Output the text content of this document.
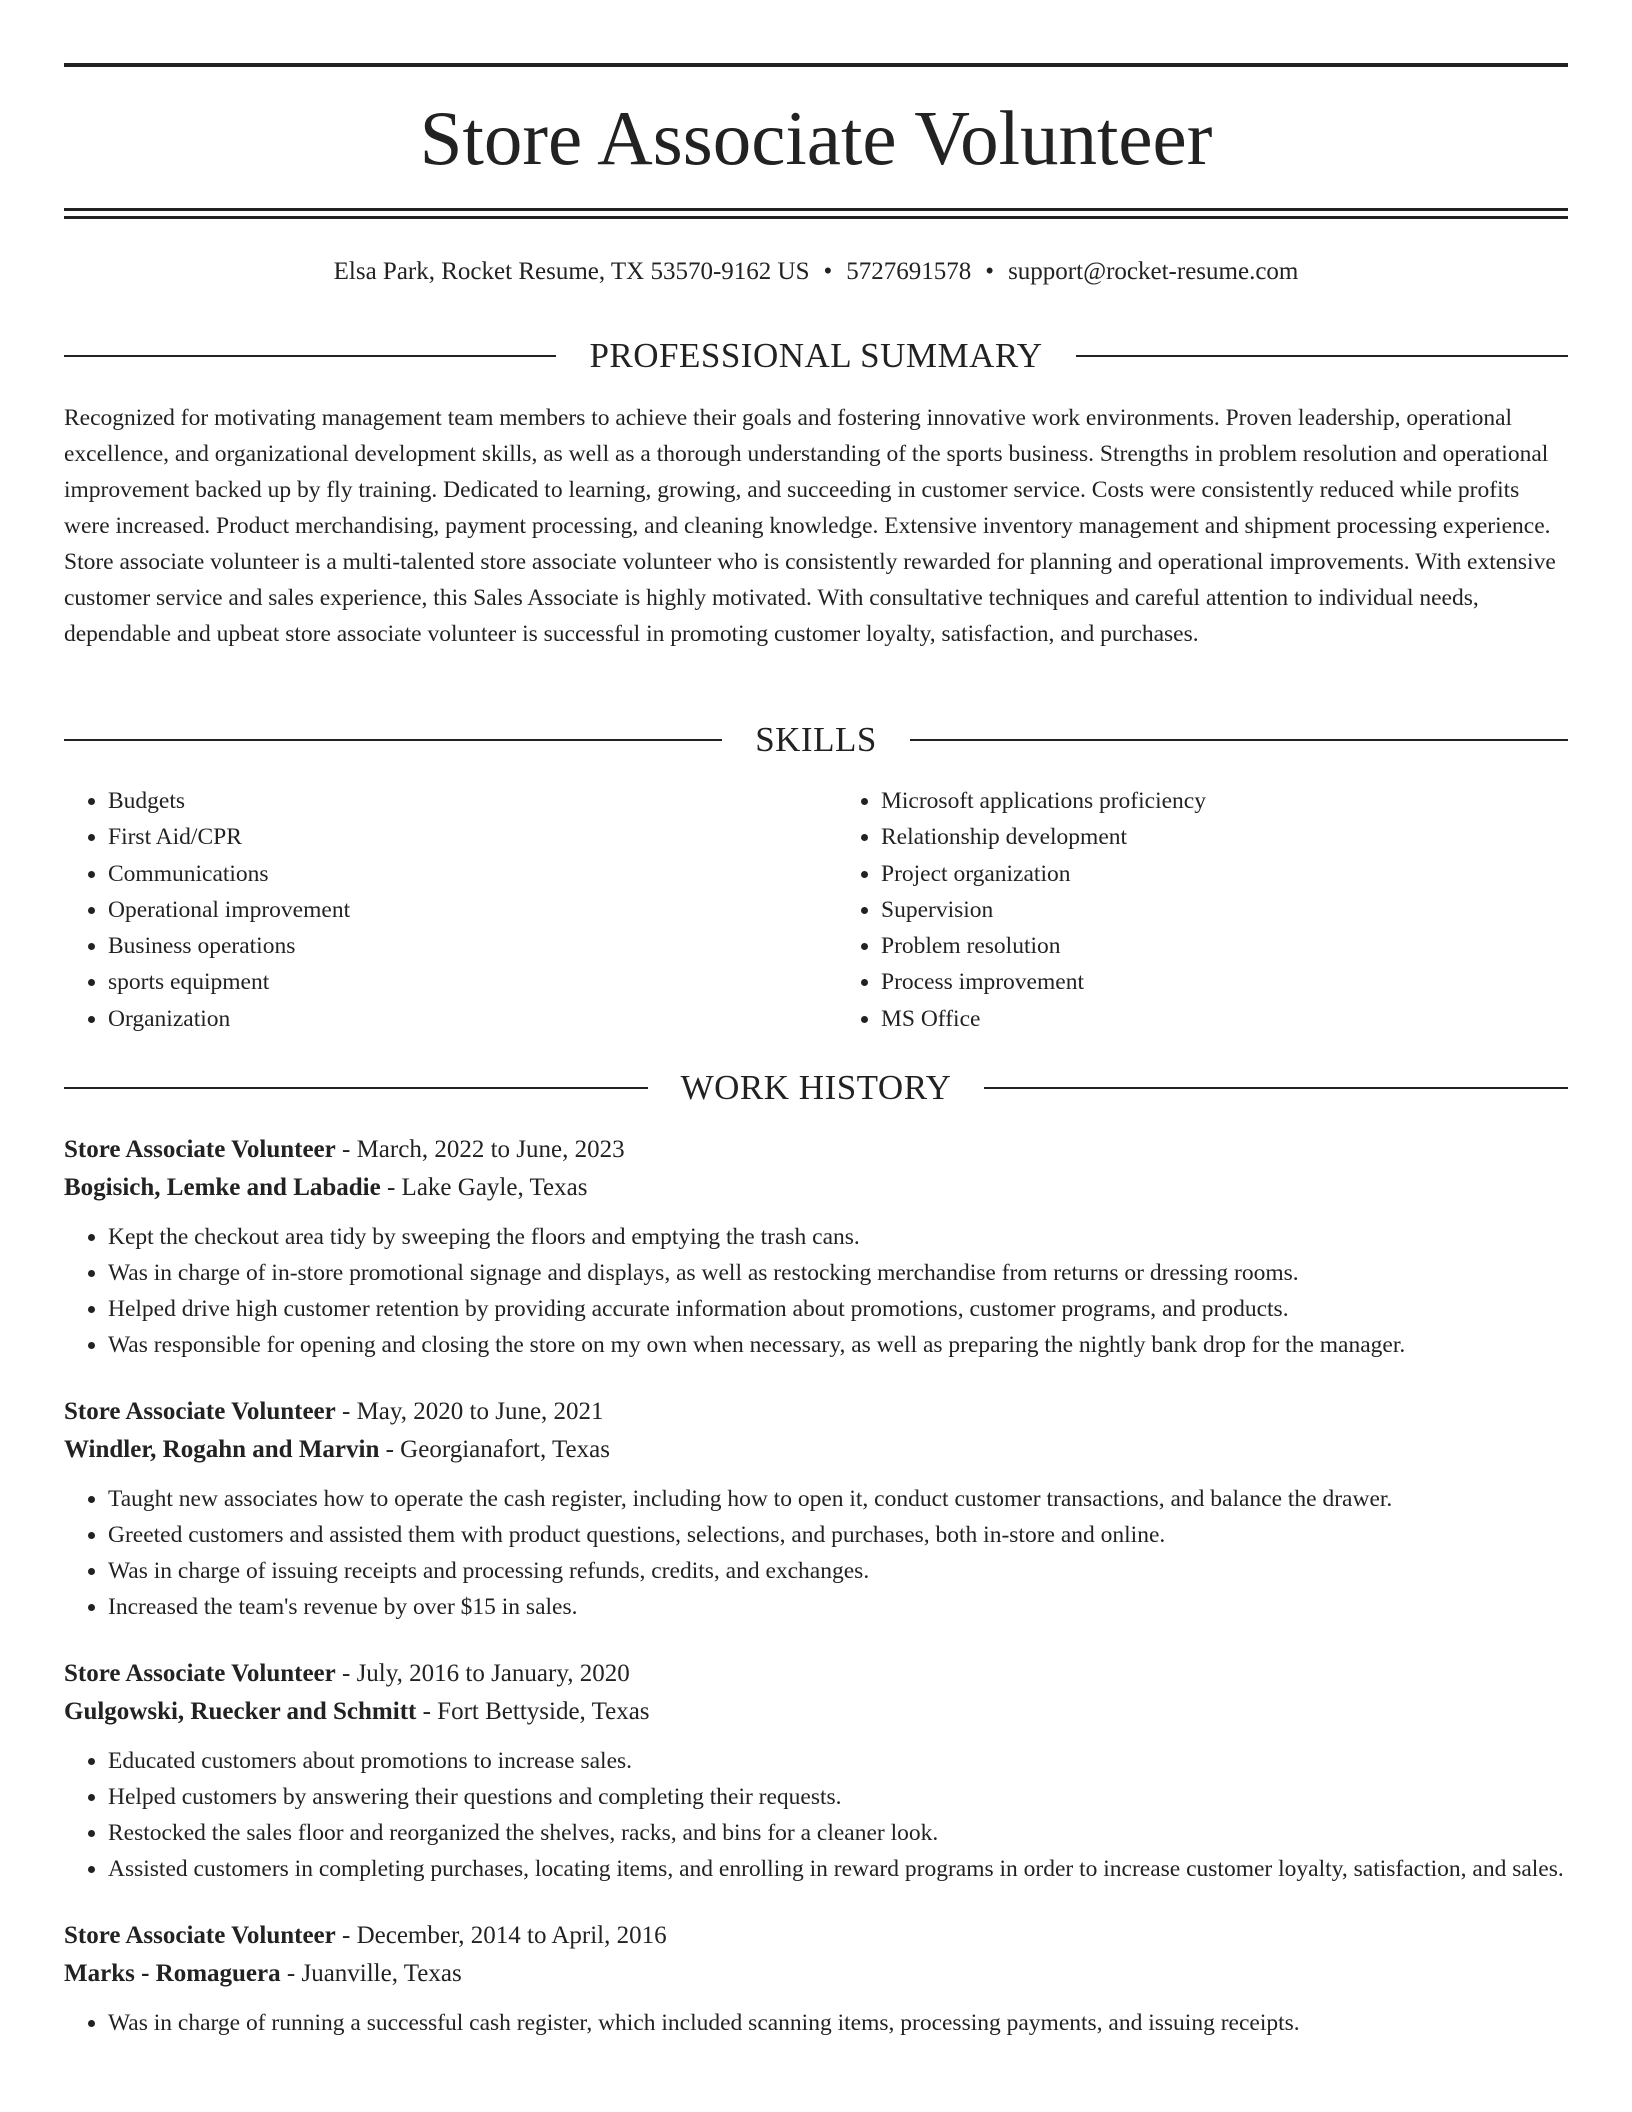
Store Associate Volunteer
Elsa Park, Rocket Resume, TX 53570-9162 US • 5727691578 • support@rocket-resume.com
PROFESSIONAL SUMMARY

Recognized for motivating management team members to achieve their goals and fostering innovative work environments. Proven leadership, operational excellence, and organizational development skills, as well as a thorough understanding of the sports business. Strengths in problem resolution and operational improvement backed up by fly training. Dedicated to learning, growing, and succeeding in customer service. Costs were consistently reduced while profits were increased. Product merchandising, payment processing, and cleaning knowledge. Extensive inventory management and shipment processing experience. Store associate volunteer is a multi-talented store associate volunteer who is consistently rewarded for planning and operational improvements. With extensive customer service and sales experience, this Sales Associate is highly motivated. With consultative techniques and careful attention to individual needs, dependable and upbeat store associate volunteer is successful in promoting customer loyalty, satisfaction, and purchases.

SKILLS
• Budgets
• First Aid/CPR
• Communications
• Operational improvement
• Business operations
• sports equipment
• Organization
• Microsoft applications proficiency
• Relationship development
• Project organization
• Supervision
• Problem resolution
• Process improvement
• MS Office
WORK HISTORY
Store Associate Volunteer - March, 2022 to June, 2023
Bogisich, Lemke and Labadie - Lake Gayle, Texas
• Kept the checkout area tidy by sweeping the floors and emptying the trash cans.
• Was in charge of in-store promotional signage and displays, as well as restocking merchandise from returns or dressing rooms.
• Helped drive high customer retention by providing accurate information about promotions, customer programs, and products.
• Was responsible for opening and closing the store on my own when necessary, as well as preparing the nightly bank drop for the manager.
Store Associate Volunteer - May, 2020 to June, 2021
Windler, Rogahn and Marvin - Georgianafort, Texas
• Taught new associates how to operate the cash register, including how to open it, conduct customer transactions, and balance the drawer.
• Greeted customers and assisted them with product questions, selections, and purchases, both in-store and online.
• Was in charge of issuing receipts and processing refunds, credits, and exchanges.
• Increased the team's revenue by over $15 in sales.
Store Associate Volunteer - July, 2016 to January, 2020
Gulgowski, Ruecker and Schmitt - Fort Bettyside, Texas
• Educated customers about promotions to increase sales.
• Helped customers by answering their questions and completing their requests.
• Restocked the sales floor and reorganized the shelves, racks, and bins for a cleaner look.
• Assisted customers in completing purchases, locating items, and enrolling in reward programs in order to increase customer loyalty, satisfaction, and sales.
Store Associate Volunteer - December, 2014 to April, 2016
Marks - Romaguera - Juanville, Texas
• Was in charge of running a successful cash register, which included scanning items, processing payments, and issuing receipts.
